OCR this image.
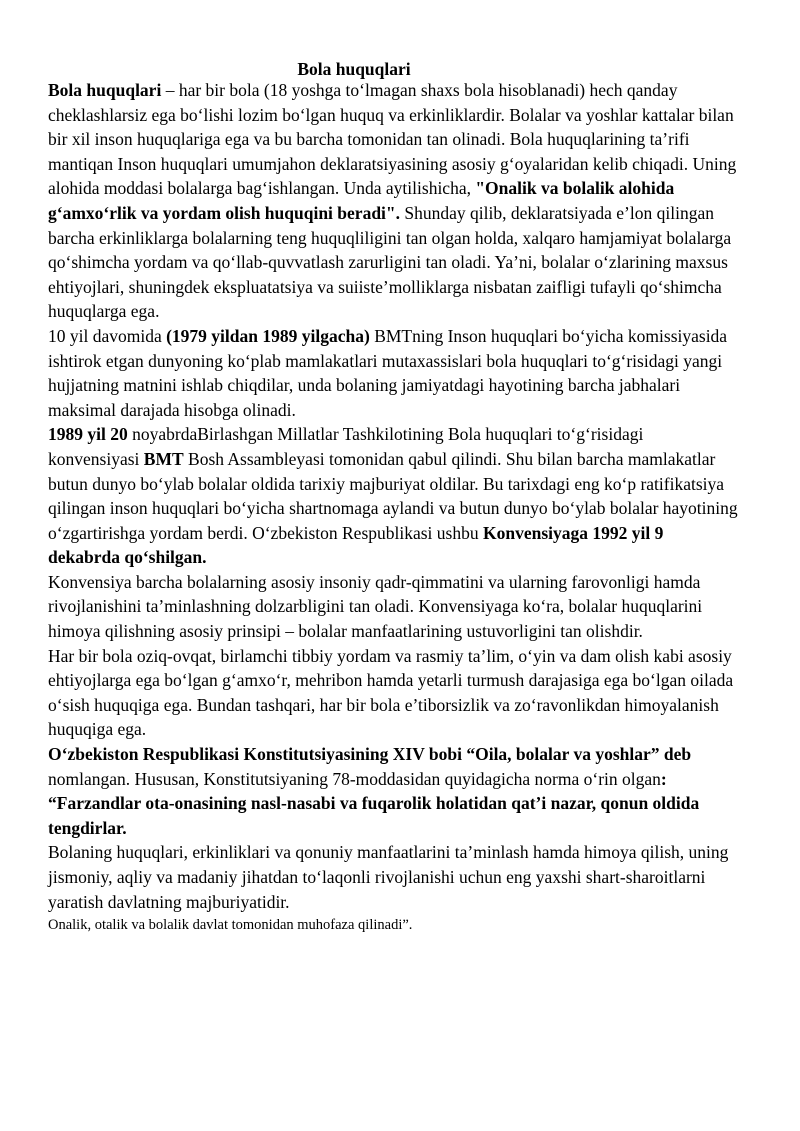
Bola huquqlari

Bola huquqlari – har bir bola (18 yoshga toʻlmagan shaxs bola hisoblanadi) hech qanday cheklashlarsiz ega boʻlishi lozim boʻlgan huquq va erkinliklardir. Bolalar va yoshlar kattalar bilan bir xil inson huquqlariga ega va bu barcha tomonidan tan olinadi. Bola huquqlarining ta’rifi mantiqan Inson huquqlari umumjahon deklaratsiyasining asosiy gʻoyalaridan kelib chiqadi. Uning alohida moddasi bolalarga bagʻishlangan. Unda aytilishicha, "Onalik va bolalik alohida gʻamxoʻrlik va yordam olish huquqini beradi". Shunday qilib, deklaratsiyada e’lon qilingan barcha erkinliklarga bolalarning teng huquqliligini tan olgan holda, xalqaro hamjamiyat bolalarga qoʻshimcha yordam va qoʻllab-quvvatlash zarurligini tan oladi. Ya’ni, bolalar oʻzlarining maxsus ehtiyojlari, shuningdek ekspluatatsiya va suiiste’molliklarga nisbatan zaifligi tufayli qoʻshimcha huquqlarga ega.

10 yil davomida (1979 yildan 1989 yilgacha) BMTning Inson huquqlari boʻyicha komissiyasida ishtirok etgan dunyoning koʻplab mamlakatlari mutaxassislari bola huquqlari toʻgʻrisidagi yangi hujjatning matnini ishlab chiqdilar, unda bolaning jamiyatdagi hayotining barcha jabhalari maksimal darajada hisobga olinadi.

1989 yil 20 noyabrdaBirlashgan Millatlar Tashkilotining Bola huquqlari toʻgʻrisidagi konvensiyasi BMT Bosh Assambleyasi tomonidan qabul qilindi. Shu bilan barcha mamlakatlar butun dunyo boʻylab bolalar oldida tarixiy majburiyat oldilar. Bu tarixdagi eng koʻp ratifikatsiya qilingan inson huquqlari boʻyicha shartnomaga aylandi va butun dunyo boʻylab bolalar hayotining oʻzgartirishga yordam berdi. Oʻzbekiston Respublikasi ushbu Konvensiyaga 1992 yil 9 dekabrda qoʻshilgan.

Konvensiya barcha bolalarning asosiy insoniy qadr-qimmatini va ularning farovonligi hamda rivojlanishini ta’minlashning dolzarbligini tan oladi. Konvensiyaga koʻra, bolalar huquqlarini himoya qilishning asosiy prinsipi – bolalar manfaatlarining ustuvorligini tan olishdir.

Har bir bola oziq-ovqat, birlamchi tibbiy yordam va rasmiy ta’lim, oʻyin va dam olish kabi asosiy ehtiyojlarga ega boʻlgan gʻamxoʻr, mehribon hamda yetarli turmush darajasiga ega boʻlgan oilada oʻsish huquqiga ega. Bundan tashqari, har bir bola e’tiborsizlik va zoʻravonlikdan himoyalanish huquqiga ega.

Oʻzbekiston Respublikasi Konstitutsiyasining XIV bobi “Oila, bolalar va yoshlar” deb nomlangan. Hususan, Konstitutsiyaning 78-moddasidan quyidagicha norma oʻrin olgan:

“Farzandlar ota-onasining nasl-nasabi va fuqarolik holatidan qat’i nazar, qonun oldida tengdirlar.

Bolaning huquqlari, erkinliklari va qonuniy manfaatlarini ta’minlash hamda himoya qilish, uning jismoniy, aqliy va madaniy jihatdan toʻlaqonli rivojlanishi uchun eng yaxshi shart-sharoitlarni yaratish davlatning majburiyatidir.

Onalik, otalik va bolalik davlat tomonidan muhofaza qilinadi”.
